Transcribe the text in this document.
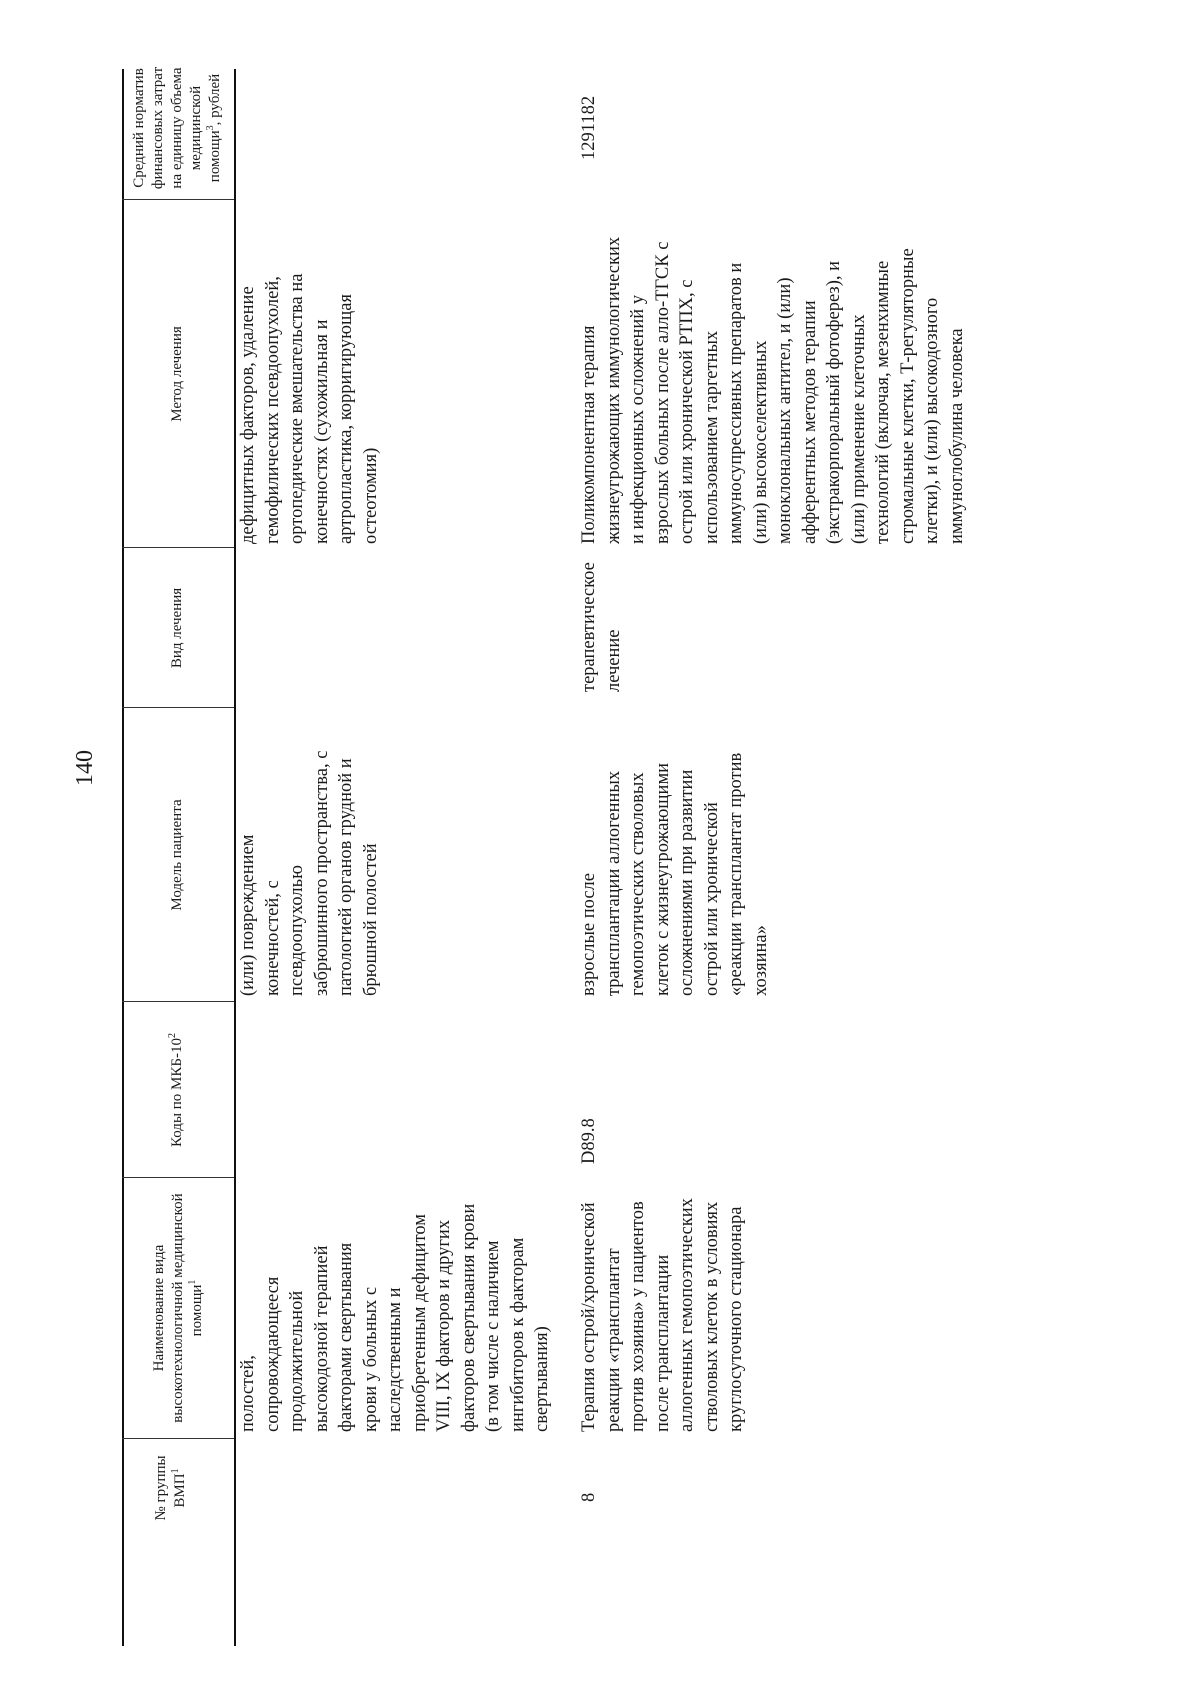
140
№ группы ВМП$^1$
Наименование вида высокотехнологичной медицинской помощи$^1$
Коды по МКБ-$10^2$
Модель пациента
Вид лечения
Метод лечения
Средний норматив финансовых затрат на единицу объема медицинской помощи$^3$, рублей
полостей, сопровождающееся продолжительной высокодозной терапией факторами свертывания крови у больных с наследственным и приобретенным дефицитом VIII, IX факторов и других факторов свертывания крови (в том числе с наличием ингибиторов к факторам свертывания)
(или) повреждением конечностей, с псевдоопухолью забрюшинного пространства, с патологией органов грудной и брюшной полостей
дефицитных факторов, удаление гемофилических псевдоопухолей, ортопедические вмешательства на конечностях (сухожильная и артропластика, корригирующая остеотомия)
8
Терапия острой/хронической реакции «трансплантат против хозяина» у пациентов после трансплантации аллогенных гемопоэтических стволовых клеток в условиях круглосуточного стационара
D89.8
взрослые после трансплантации аллогенных гемопоэтических стволовых клеток с жизнеугрожающими осложнениями при развитии острой или хронической «реакции трансплантат против хозяина»
терапевтическое лечение
Поликомпонентная терапия жизнеугрожающих иммунологических и инфекционных осложнений у взрослых больных после алло-ТГСК с острой или хронической РТПХ, с использованием таргетных иммуносупрессивных препаратов и (или) высокоселективных моноклональных антител, и (или) афферентных методов терапии (экстракорпоральный фотоферез), и (или) применение клеточных технологий (включая, мезенхимные стромальные клетки, Т-регуляторные клетки), и (или) высокодозного иммуноглобулина человека
1291182
